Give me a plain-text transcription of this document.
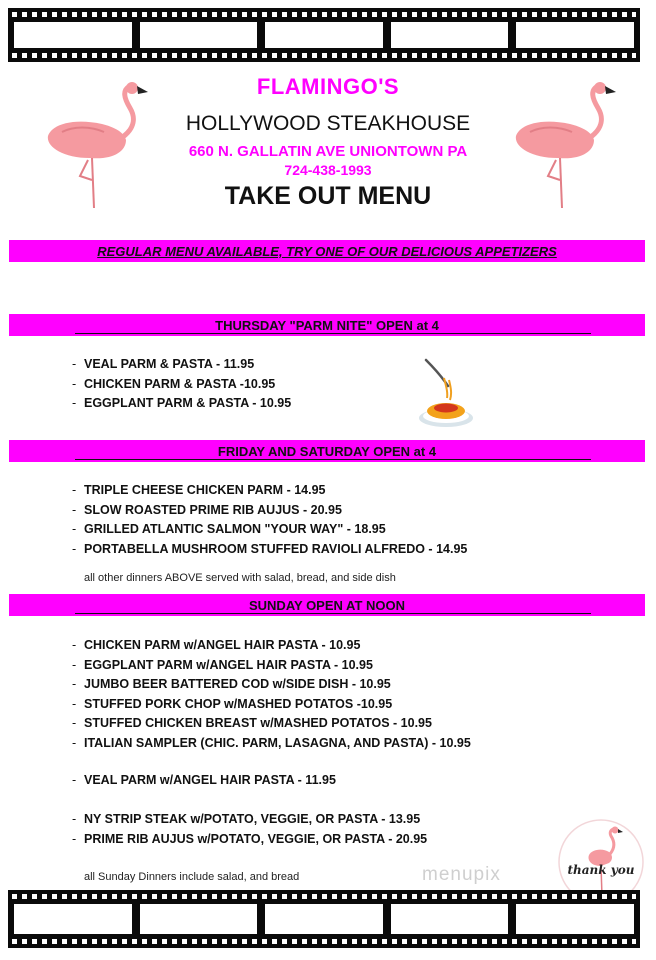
FLAMINGO'S
HOLLYWOOD STEAKHOUSE
660 N. GALLATIN AVE UNIONTOWN PA
724-438-1993
TAKE OUT MENU
REGULAR MENU AVAILABLE, TRY ONE OF OUR DELICIOUS APPETIZERS
THURSDAY "PARM NITE" OPEN at 4
- VEAL PARM & PASTA - 11.95
- CHICKEN PARM & PASTA -10.95
- EGGPLANT PARM & PASTA - 10.95
FRIDAY AND SATURDAY OPEN at 4
- TRIPLE CHEESE CHICKEN PARM - 14.95
- SLOW ROASTED PRIME RIB AUJUS - 20.95
- GRILLED ATLANTIC SALMON "YOUR WAY" - 18.95
- PORTABELLA MUSHROOM STUFFED RAVIOLI ALFREDO - 14.95
all other dinners ABOVE served with salad, bread, and side dish
SUNDAY OPEN AT NOON
- CHICKEN PARM w/ANGEL HAIR PASTA - 10.95
- EGGPLANT PARM w/ANGEL HAIR PASTA - 10.95
- JUMBO BEER BATTERED COD w/SIDE DISH - 10.95
- STUFFED PORK CHOP w/MASHED POTATOS -10.95
- STUFFED CHICKEN BREAST w/MASHED POTATOS - 10.95
- ITALIAN SAMPLER (CHIC. PARM, LASAGNA, AND PASTA) - 10.95
- VEAL PARM w/ANGEL HAIR PASTA - 11.95
- NY STRIP STEAK w/POTATO, VEGGIE, OR PASTA - 13.95
- PRIME RIB AUJUS w/POTATO, VEGGIE, OR PASTA - 20.95
all Sunday Dinners include salad, and bread	menupix	thank you
